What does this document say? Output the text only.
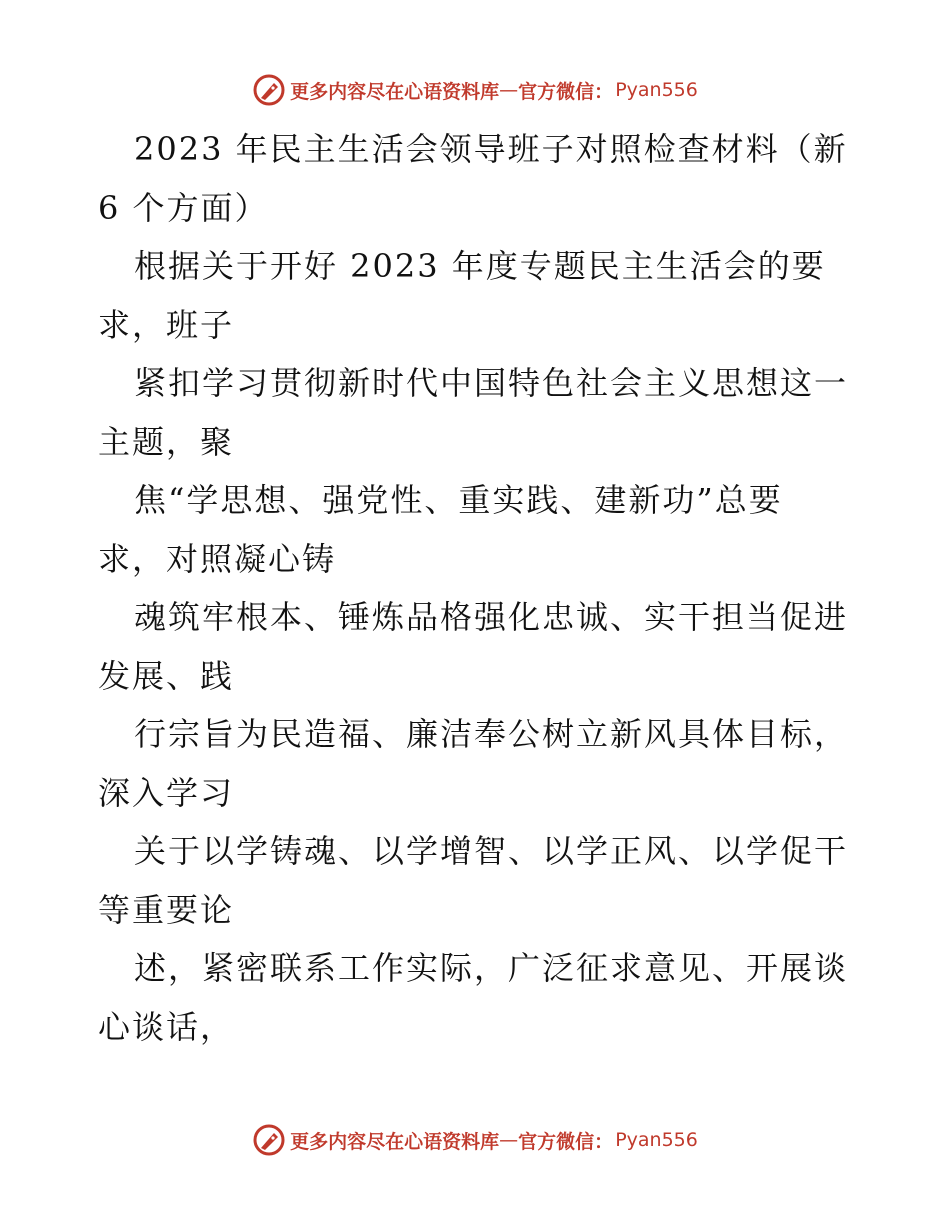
更多内容尽在心语资料库 — 官方微信： Pyan556
2023 年民主生活会领导班子对照检查材料（新
6 个方面）
根据关于开好 2023 年度专题民主生活会的要
求，班子
紧扣学习贯彻新时代中国特色社会主义思想这一
主题，聚
焦“学思想、强党性、重实践、建新功”总要
求，对照凝心铸
魂筑牢根本、锤炼品格强化忠诚、实干担当促进
发展、践
行宗旨为民造福、廉洁奉公树立新风具体目标，
深入学习
关于以学铸魂、以学增智、以学正风、以学促干
等重要论
述，紧密联系工作实际，广泛征求意见、开展谈
心谈话，
更多内容尽在心语资料库 — 官方微信： Pyan556
